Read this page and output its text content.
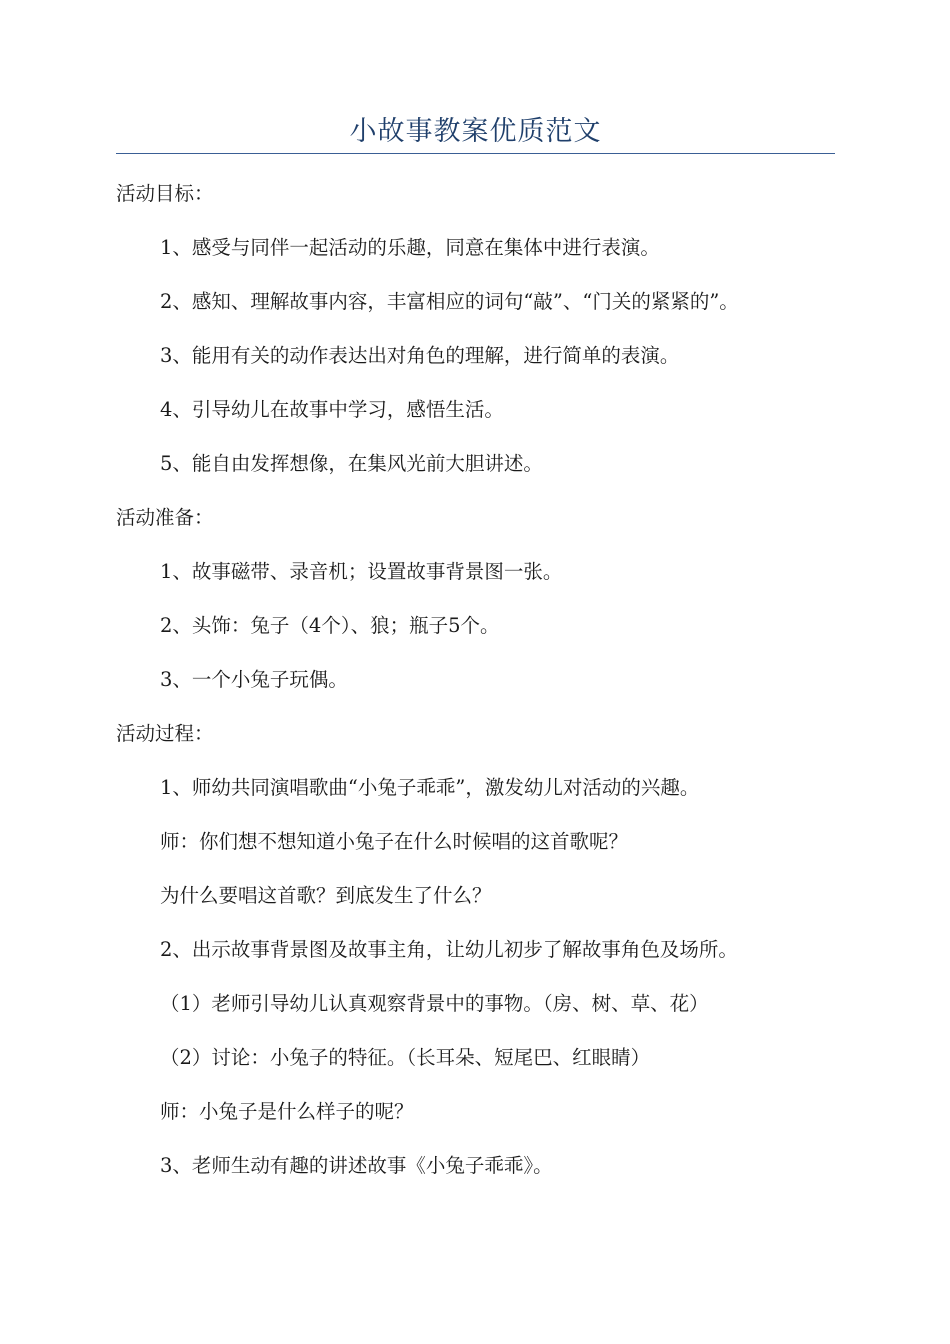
小故事教案优质范文

活动目标：

1、感受与同伴一起活动的乐趣，同意在集体中进行表演。

2、感知、理解故事内容，丰富相应的词句“敲”、“门关的紧紧的”。

3、能用有关的动作表达出对角色的理解，进行简单的表演。

4、引导幼儿在故事中学习，感悟生活。

5、能自由发挥想像，在集风光前大胆讲述。

活动准备：

1、故事磁带、录音机；设置故事背景图一张。

2、头饰：兔子（4个）、狼；瓶子5个。

3、一个小兔子玩偶。

活动过程：

1、师幼共同演唱歌曲“小兔子乖乖”，激发幼儿对活动的兴趣。

师：你们想不想知道小兔子在什么时候唱的这首歌呢？

为什么要唱这首歌？到底发生了什么？

2、出示故事背景图及故事主角，让幼儿初步了解故事角色及场所。

（1）老师引导幼儿认真观察背景中的事物。（房、树、草、花）

（2）讨论：小兔子的特征。（长耳朵、短尾巴、红眼睛）

师：小兔子是什么样子的呢？

3、老师生动有趣的讲述故事《小兔子乖乖》。
